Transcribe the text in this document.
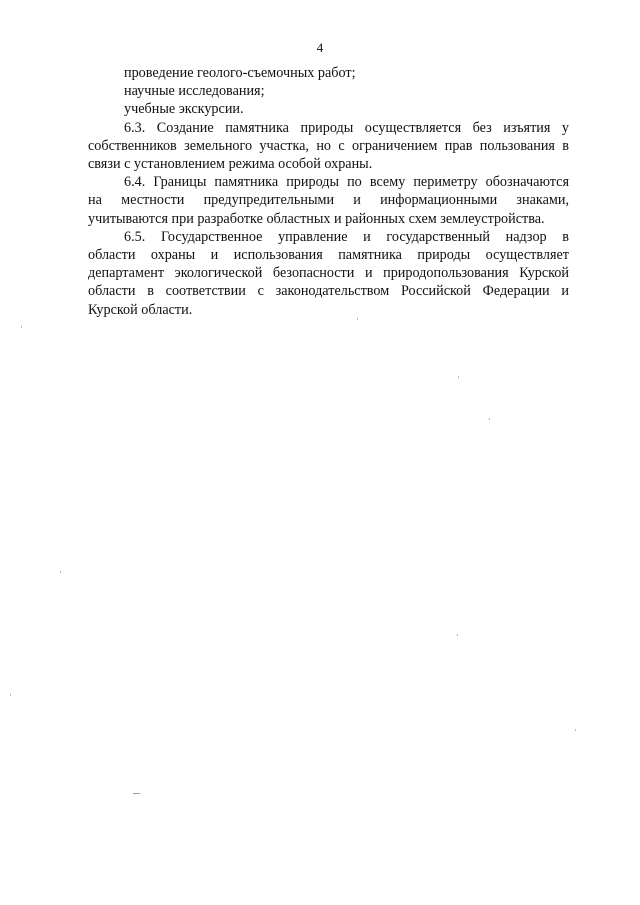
4
проведение геолого-съемочных работ;
научные исследования;
учебные экскурсии.
6.3. Создание памятника природы осуществляется без изъятия у
собственников земельного участка, но с ограничением прав пользования в
связи с установлением режима особой охраны.
6.4. Границы памятника природы по всему периметру обозначаются
на местности предупредительными и информационными знаками,
учитываются при разработке областных и районных схем землеустройства.
6.5. Государственное управление и государственный надзор в
области охраны и использования памятника природы осуществляет
департамент экологической безопасности и природопользования Курской
области в соответствии с законодательством Российской Федерации и
Курской области.
